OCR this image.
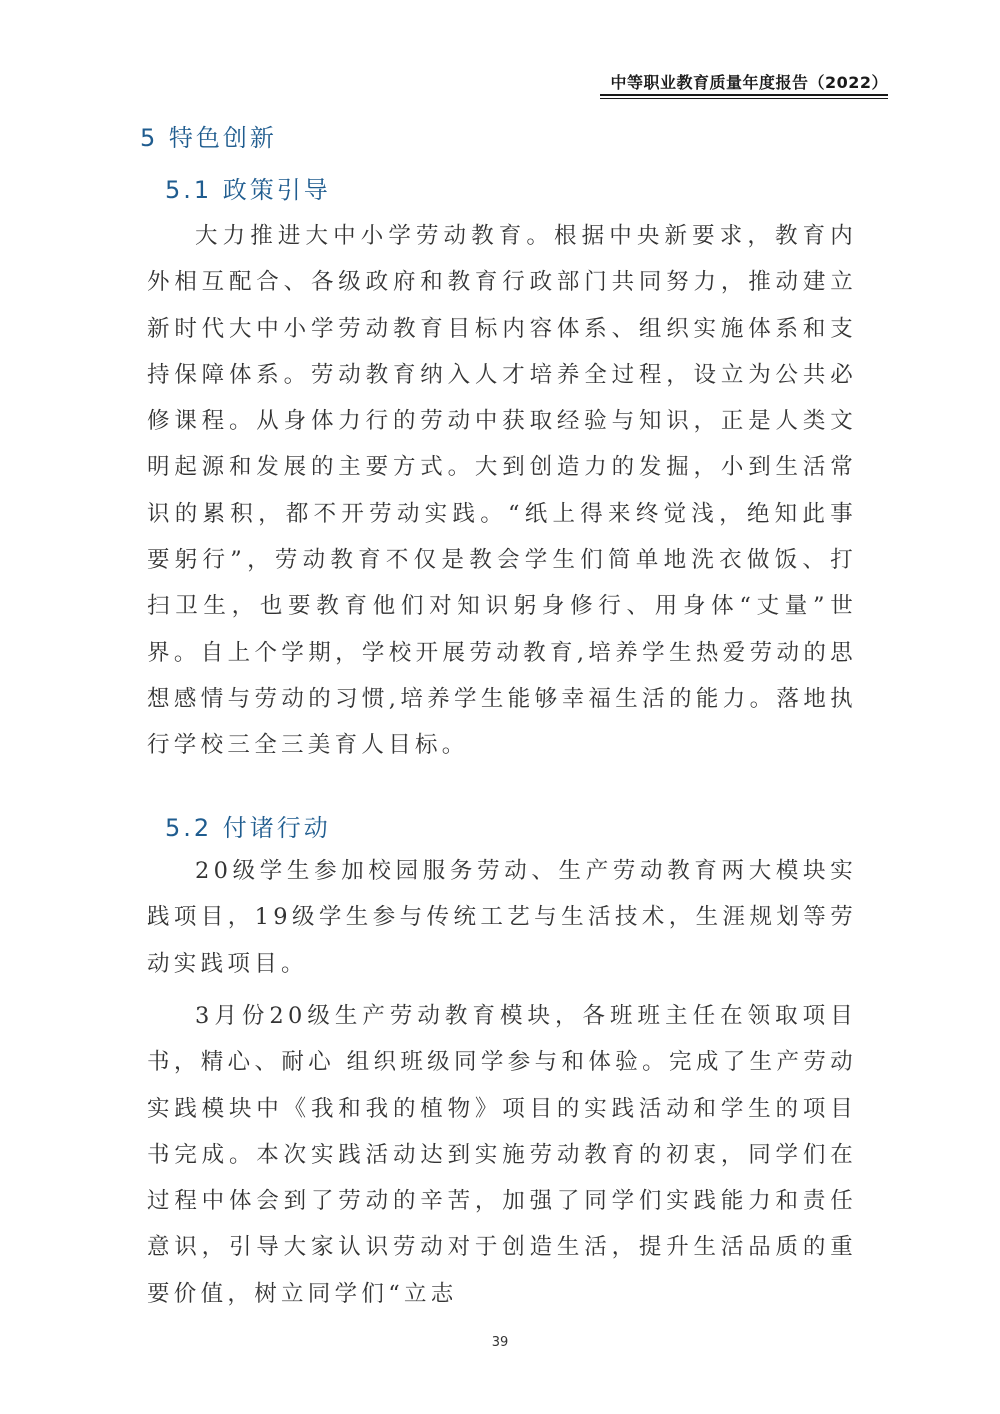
中等职业教育质量年度报告（2022）
5 特色创新
5.1 政策引导

大力推进大中小学劳动教育。根据中央新要求，教育内外相互配合、各级政府和教育行政部门共同努力，推动建立新时代大中小学劳动教育目标内容体系、组织实施体系和支持保障体系。劳动教育纳入人才培养全过程，设立为公共必修课程。从身体力行的劳动中获取经验与知识，正是人类文明起源和发展的主要方式。大到创造力的发掘，小到生活常识的累积，都不开劳动实践。“纸上得来终觉浅，绝知此事要躬行”，劳动教育不仅是教会学生们简单地洗衣做饭、打扫卫生，也要教育他们对知识躬身修行、用身体“丈量”世界。自上个学期，学校开展劳动教育,培养学生热爱劳动的思想感情与劳动的习惯,培养学生能够幸福生活的能力。落地执行学校三全三美育人目标。

5.2 付诸行动

20级学生参加校园服务劳动、生产劳动教育两大模块实践项目，19级学生参与传统工艺与生活技术，生涯规划等劳动实践项目。

3月份20级生产劳动教育模块，各班班主任在领取项目书，精心、耐心 组织班级同学参与和体验。完成了生产劳动实践模块中《我和我的植物》项目的实践活动和学生的项目书完成。本次实践活动达到实施劳动教育的初衷，同学们在过程中体会到了劳动的辛苦，加强了同学们实践能力和责任意识，引导大家认识劳动对于创造生活，提升生活品质的重要价值，树立同学们“立志

39
